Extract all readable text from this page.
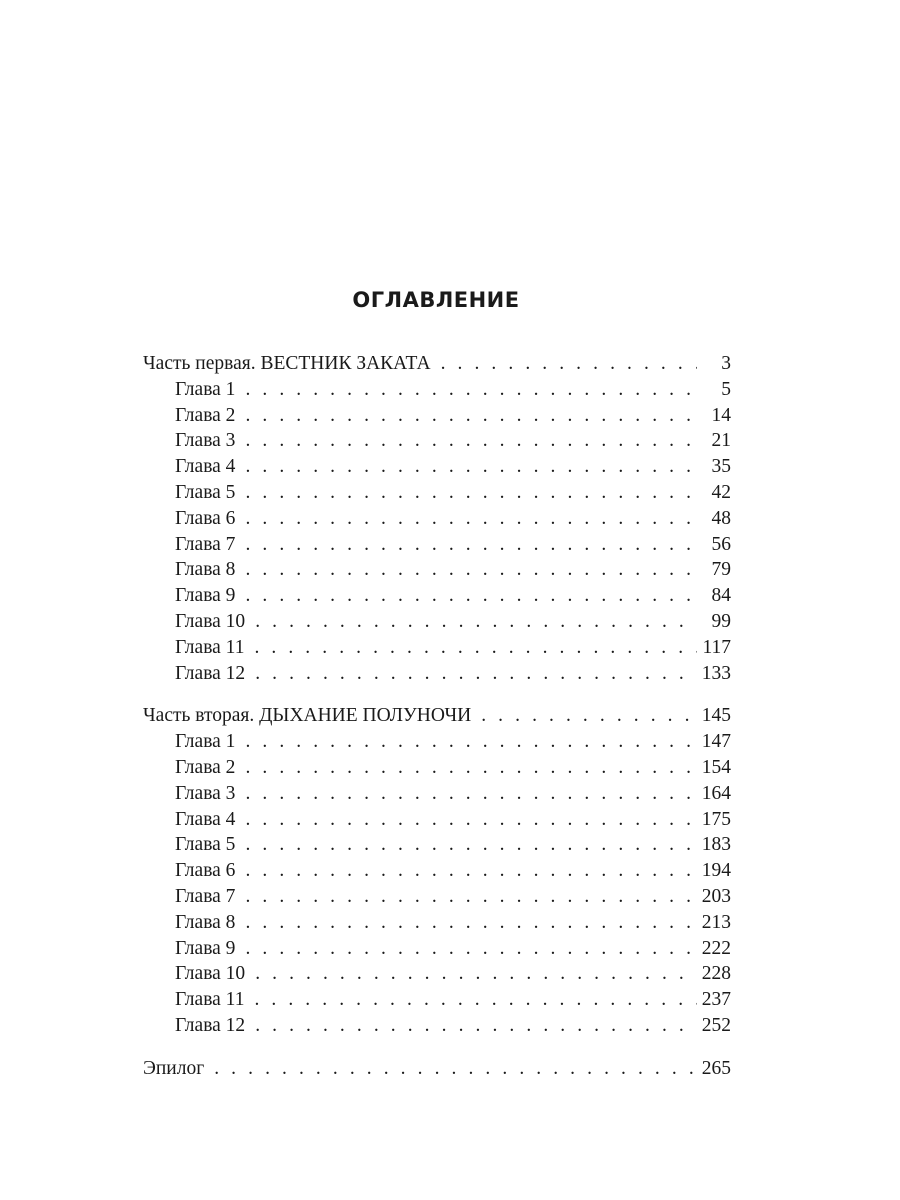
ОГЛАВЛЕНИЕ
Часть первая. ВЕСТНИК ЗАКАТА . . .	3
Глава 1 . . .	5
Глава 2 . . .	14
Глава 3 . . .	21
Глава 4 . . .	35
Глава 5 . . .	42
Глава 6 . . .	48
Глава 7 . . .	56
Глава 8 . . .	79
Глава 9 . . .	84
Глава 10 . . .	99
Глава 11 . . .	117
Глава 12 . . .	133
Часть вторая. ДЫХАНИЕ ПОЛУНОЧИ . . .	145
Глава 1 . . .	147
Глава 2 . . .	154
Глава 3 . . .	164
Глава 4 . . .	175
Глава 5 . . .	183
Глава 6 . . .	194
Глава 7 . . .	203
Глава 8 . . .	213
Глава 9 . . .	222
Глава 10 . . .	228
Глава 11 . . .	237
Глава 12 . . .	252
Эпилог . . .	265
